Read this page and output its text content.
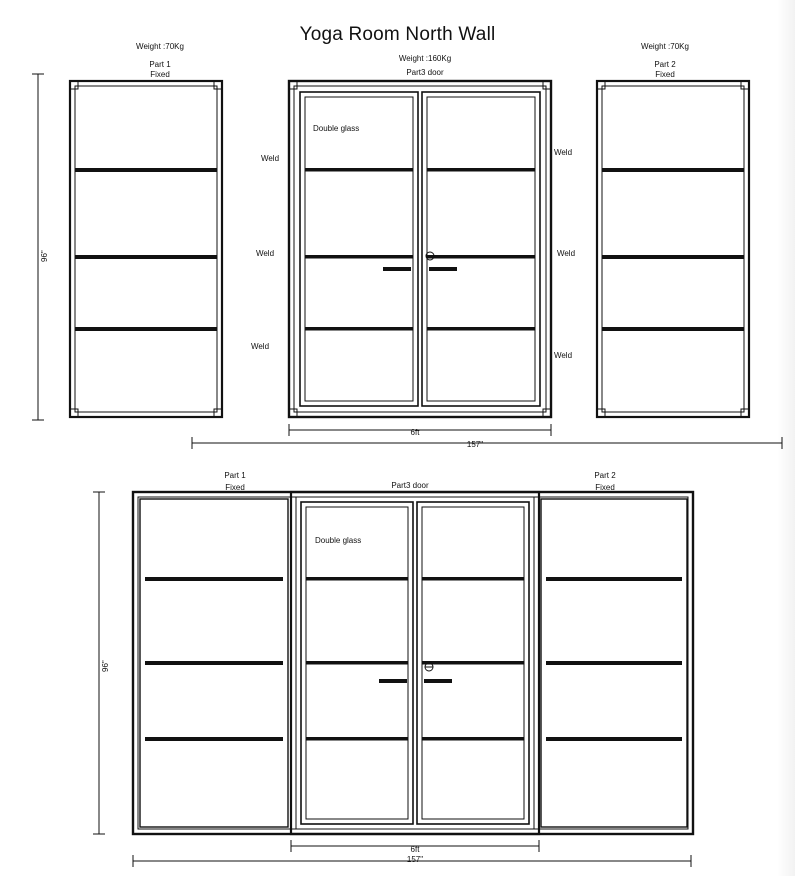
Yoga Room North Wall
Weight :70Kg
Part 1
Fixed
Weight :160Kg
Part3 door
Weight :70Kg
Part 2
Fixed
Weld
Weld
Weld
Weld
Weld
Weld
Double glass
96"
6ft
157"
Part 1
Fixed	Part3 door
Part 2
Fixed
Double glass
96"
6ft
157"
